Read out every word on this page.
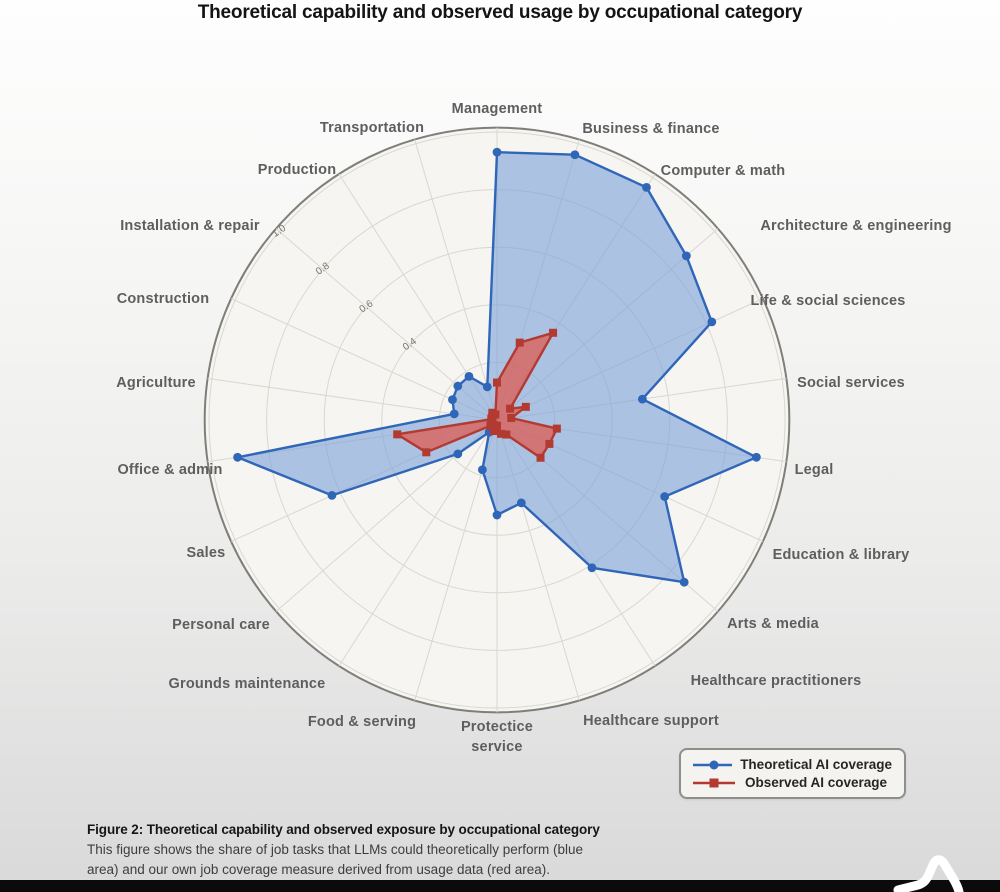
Theoretical capability and observed usage by occupational category
0.4
0.6
0.8
1.0
Management
Business & finance
Computer & math
Architecture & engineering
Life & social sciences
Social services
Legal
Education & library
Arts & media
Healthcare practitioners
Healthcare support
Protectice
service
Food & serving
Grounds maintenance
Personal care
Sales
Office & admin
Agriculture
Construction
Installation & repair
Production
Transportation
Theoretical AI coverage
Observed AI coverage
Figure 2: Theoretical capability and observed exposure by occupational category
This figure shows the share of job tasks that LLMs could theoretically perform (blue
area) and our own job coverage measure derived from usage data (red area).
